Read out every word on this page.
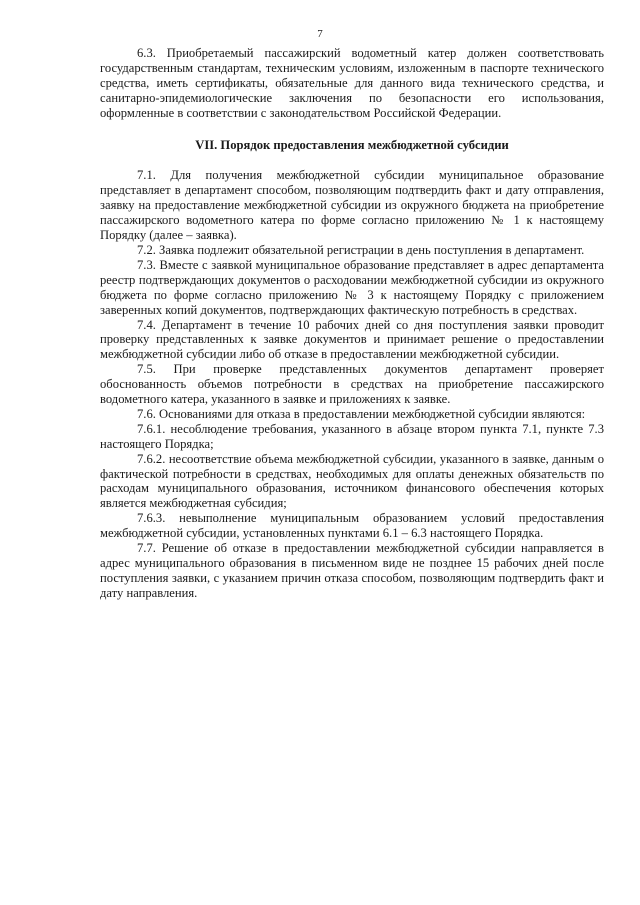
7

6.3. Приобретаемый пассажирский водометный катер должен соответствовать государственным стандартам, техническим условиям, изложенным в паспорте технического средства, иметь сертификаты, обязательные для данного вида технического средства, и санитарно-эпидемиологические заключения по безопасности его использования, оформленные в соответствии с законодательством Российской Федерации.

VII. Порядок предоставления межбюджетной субсидии

7.1. Для получения межбюджетной субсидии муниципальное образование представляет в департамент способом, позволяющим подтвердить факт и дату отправления, заявку на предоставление межбюджетной субсидии из окружного бюджета на приобретение пассажирского водометного катера по форме согласно приложению № 1 к настоящему Порядку (далее – заявка).

7.2. Заявка подлежит обязательной регистрации в день поступления в департамент.

7.3. Вместе с заявкой муниципальное образование представляет в адрес департамента реестр подтверждающих документов о расходовании межбюджетной субсидии из окружного бюджета по форме согласно приложению № 3 к настоящему Порядку с приложением заверенных копий документов, подтверждающих фактическую потребность в средствах.

7.4. Департамент в течение 10 рабочих дней со дня поступления заявки проводит проверку представленных к заявке документов и принимает решение о предоставлении межбюджетной субсидии либо об отказе в предоставлении межбюджетной субсидии.

7.5. При проверке представленных документов департамент проверяет обоснованность объемов потребности в средствах на приобретение пассажирского водометного катера, указанного в заявке и приложениях к заявке.

7.6. Основаниями для отказа в предоставлении межбюджетной субсидии являются:

7.6.1. несоблюдение требования, указанного в абзаце втором пункта 7.1, пункте 7.3 настоящего Порядка;

7.6.2. несоответствие объема межбюджетной субсидии, указанного в заявке, данным о фактической потребности в средствах, необходимых для оплаты денежных обязательств по расходам муниципального образования, источником финансового обеспечения которых является межбюджетная субсидия;

7.6.3. невыполнение муниципальным образованием условий предоставления межбюджетной субсидии, установленных пунктами 6.1 – 6.3 настоящего Порядка.

7.7. Решение об отказе в предоставлении межбюджетной субсидии направляется в адрес муниципального образования в письменном виде не позднее 15 рабочих дней после поступления заявки, с указанием причин отказа способом, позволяющим подтвердить факт и дату направления.
